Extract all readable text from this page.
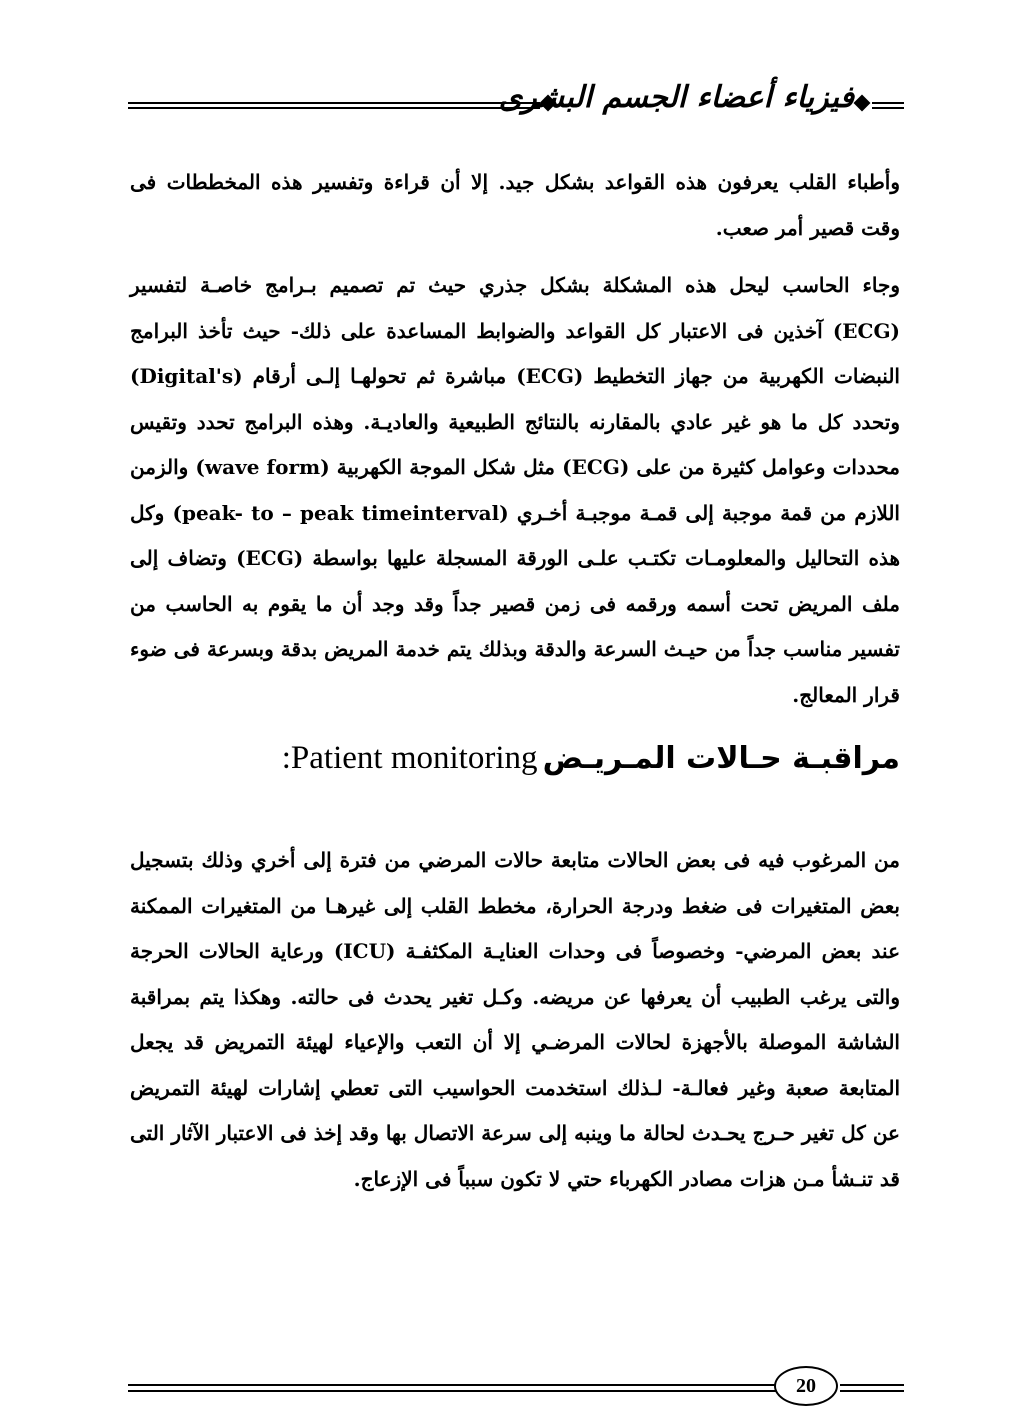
فيزياء أعضاء الجسم البشرى

وأطباء القلب يعرفون هذه القواعد بشكل جيد. إلا أن قراءة وتفسير هذه المخططات فى وقت قصير أمر صعب.

وجاء الحاسب ليحل هذه المشكلة بشكل جذري حيث تم تصميم بـرامج خاصـة لتفسير (ECG) آخذين فى الاعتبار كل القواعد والضوابط المساعدة على ذلك- حيث تأخذ البرامج النبضات الكهربية من جهاز التخطيط (ECG) مباشرة ثم تحولهـا إلـى أرقام (Digital's) وتحدد كل ما هو غير عادي بالمقارنه بالنتائج الطبيعية والعاديـة. وهذه البرامج تحدد وتقيس محددات وعوامل كثيرة من على (ECG) مثل شكل الموجة الكهربية (wave form) والزمن اللازم من قمة موجبة إلى قمـة موجبـة أخـري (peak- to – peak timeinterval) وكل هذه التحاليل والمعلومـات تكتـب علـى الورقة المسجلة عليها بواسطة (ECG) وتضاف إلى ملف المريض تحت أسمه ورقمه فى زمن قصير جداً وقد وجد أن ما يقوم به الحاسب من تفسير مناسب جداً من حيـث السرعة والدقة وبذلك يتم خدمة المريض بدقة وبسرعة فى ضوء قرار المعالج.

مراقبـة حـالات المـريـض :Patient monitoring

من المرغوب فيه فى بعض الحالات متابعة حالات المرضي من فترة إلى أخري وذلك بتسجيل بعض المتغيرات فى ضغط ودرجة الحرارة، مخطط القلب إلى غيرهـا من المتغيرات الممكنة عند بعض المرضي- وخصوصاً فى وحدات العنايـة المكثفـة (ICU) ورعاية الحالات الحرجة والتى يرغب الطبيب أن يعرفها عن مريضه. وكـل تغير يحدث فى حالته. وهكذا يتم بمراقبة الشاشة الموصلة بالأجهزة لحالات المرضـي إلا أن التعب والإعياء لهيئة التمريض قد يجعل المتابعة صعبة وغير فعالـة- لـذلك استخدمت الحواسيب التى تعطي إشارات لهيئة التمريض عن كل تغير حـرج يحـدث لحالة ما وينبه إلى سرعة الاتصال بها وقد إخذ فى الاعتبار الآثار التى قد تنـشأ مـن هزات مصادر الكهرباء حتي لا تكون سبباً فى الإزعاج.

20
